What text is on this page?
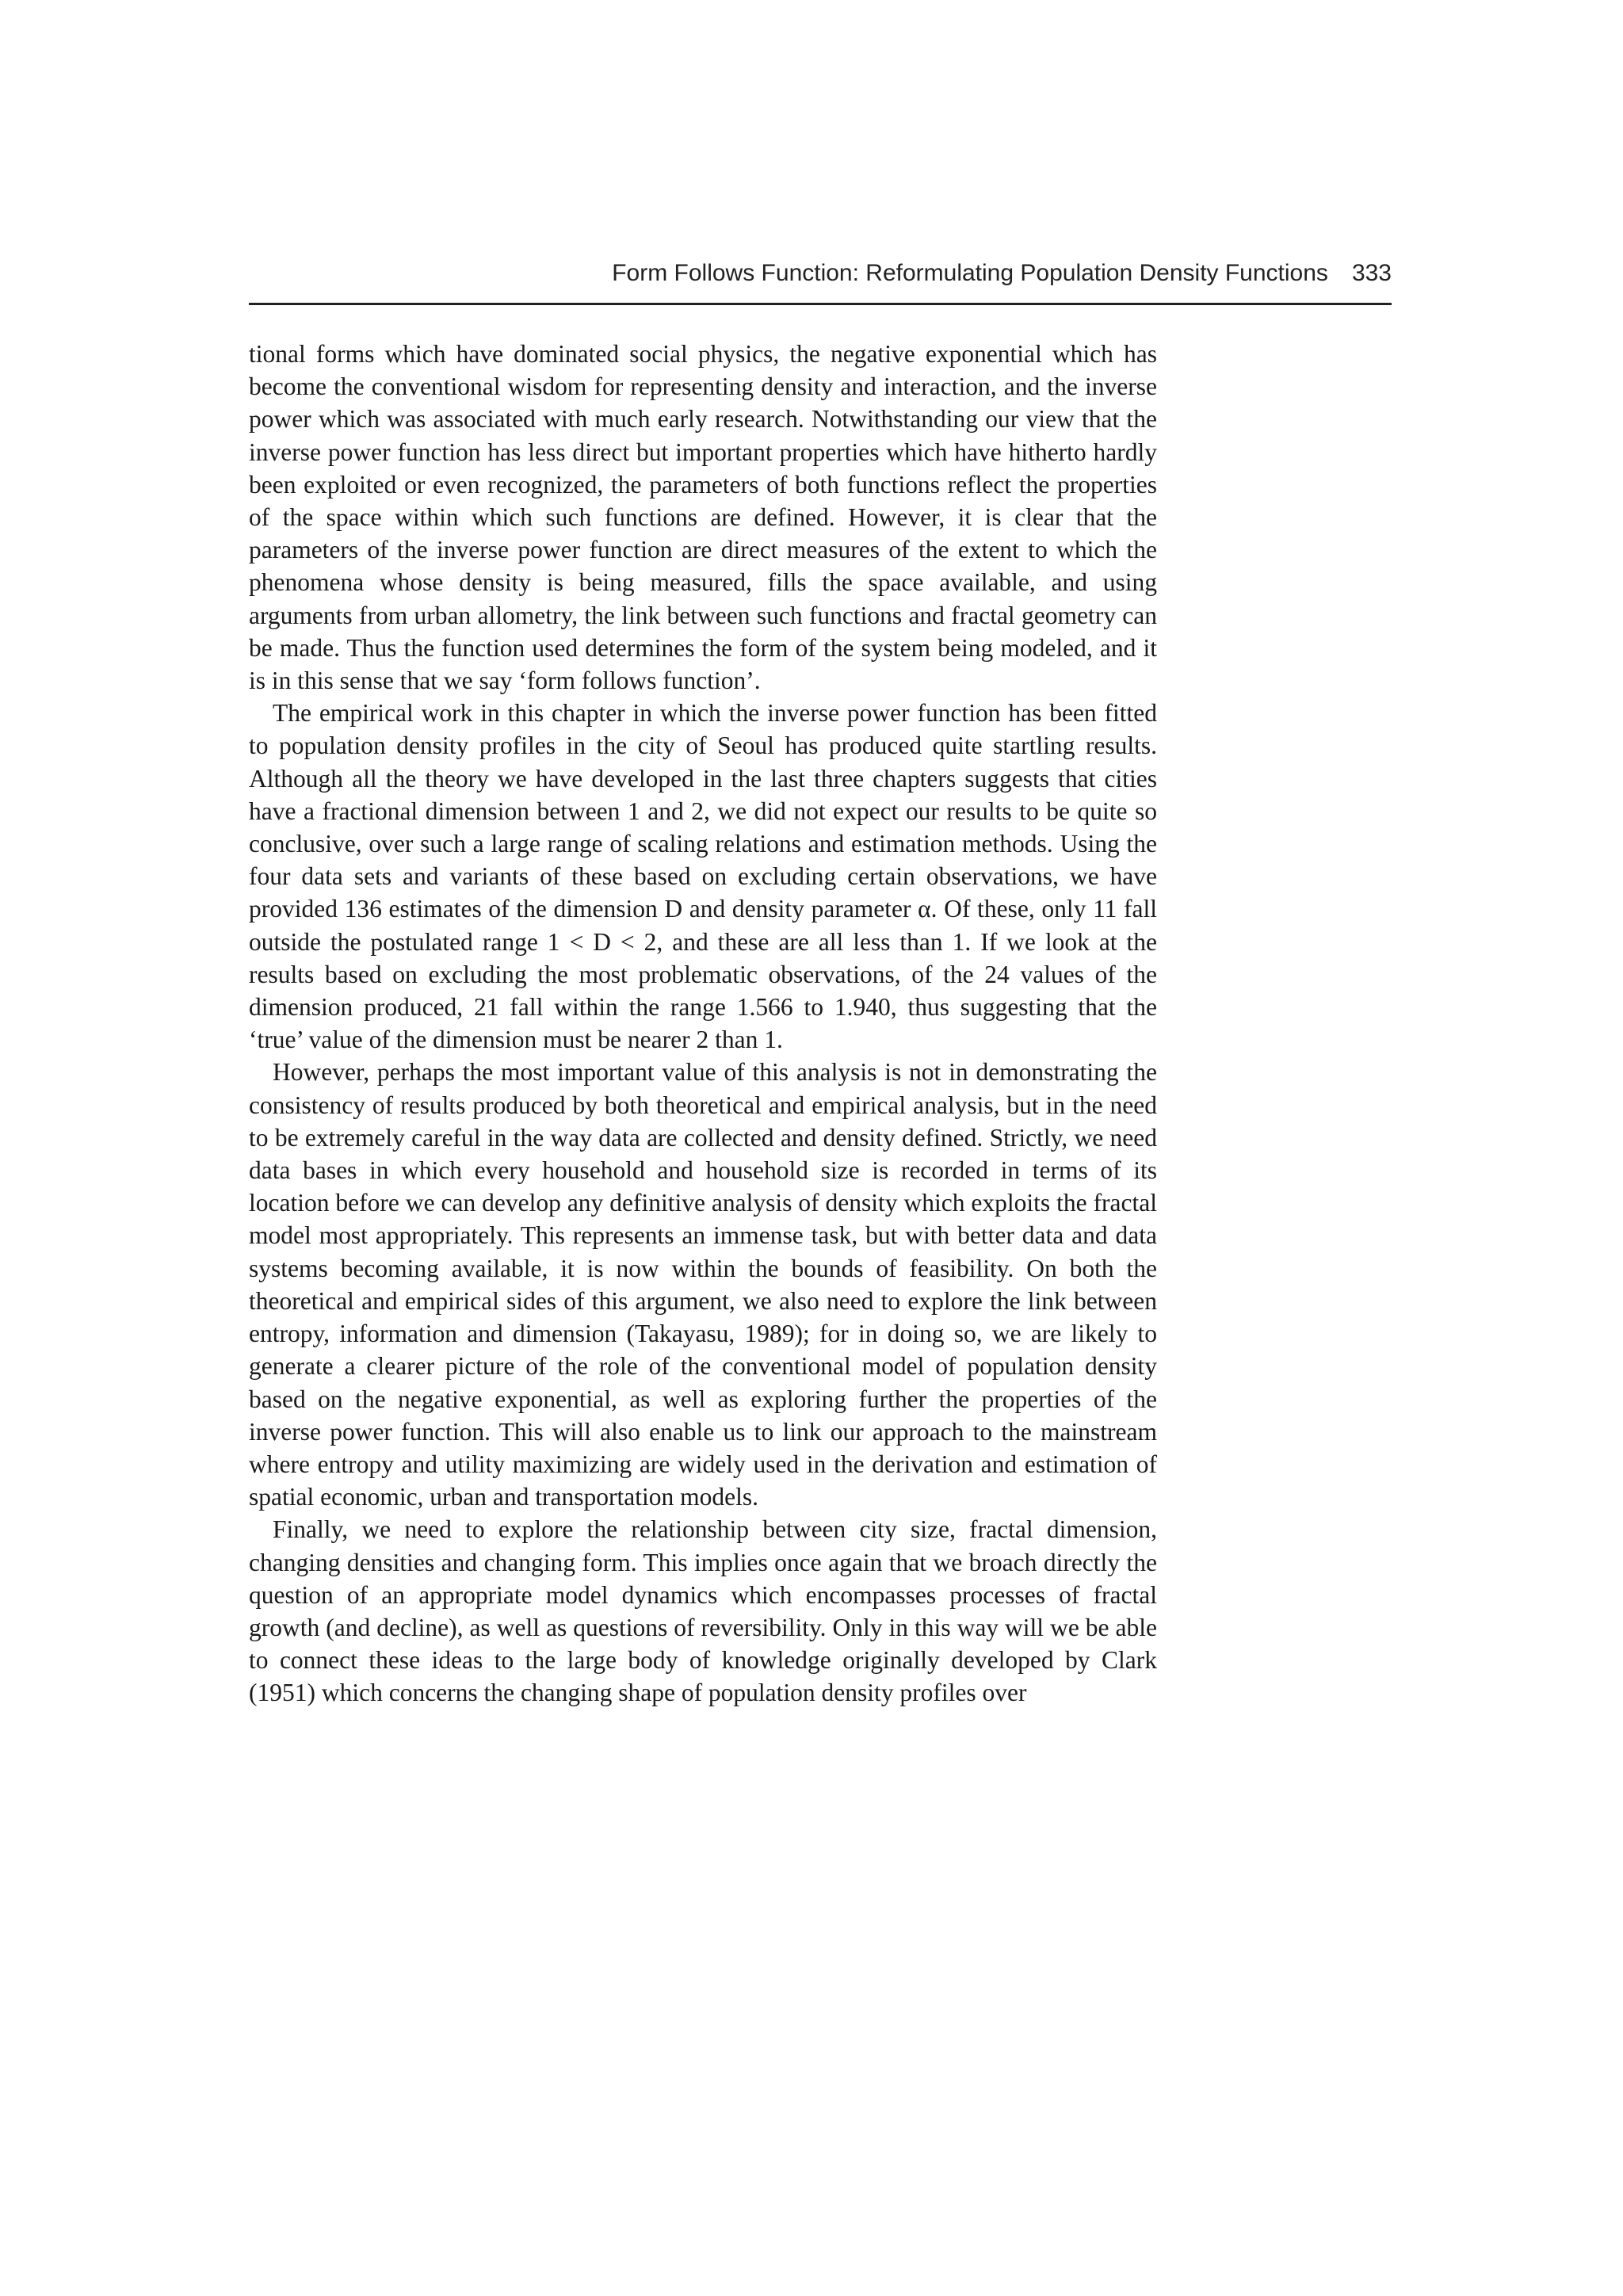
Form Follows Function: Reformulating Population Density Functions 333

tional forms which have dominated social physics, the negative exponential which has become the conventional wisdom for representing density and interaction, and the inverse power which was associated with much early research. Notwithstanding our view that the inverse power function has less direct but important properties which have hitherto hardly been exploited or even recognized, the parameters of both functions reflect the properties of the space within which such functions are defined. However, it is clear that the parameters of the inverse power function are direct measures of the extent to which the phenomena whose density is being measured, fills the space available, and using arguments from urban allometry, the link between such functions and fractal geometry can be made. Thus the function used determines the form of the system being modeled, and it is in this sense that we say ‘form follows function’.

The empirical work in this chapter in which the inverse power function has been fitted to population density profiles in the city of Seoul has produced quite startling results. Although all the theory we have developed in the last three chapters suggests that cities have a fractional dimension between 1 and 2, we did not expect our results to be quite so conclusive, over such a large range of scaling relations and estimation methods. Using the four data sets and variants of these based on excluding certain observations, we have provided 136 estimates of the dimension D and density parameter α. Of these, only 11 fall outside the postulated range 1 < D < 2, and these are all less than 1. If we look at the results based on excluding the most problematic observations, of the 24 values of the dimension produced, 21 fall within the range 1.566 to 1.940, thus suggesting that the ‘true’ value of the dimension must be nearer 2 than 1.

However, perhaps the most important value of this analysis is not in demonstrating the consistency of results produced by both theoretical and empirical analysis, but in the need to be extremely careful in the way data are collected and density defined. Strictly, we need data bases in which every household and household size is recorded in terms of its location before we can develop any definitive analysis of density which exploits the fractal model most appropriately. This represents an immense task, but with better data and data systems becoming available, it is now within the bounds of feasibility. On both the theoretical and empirical sides of this argument, we also need to explore the link between entropy, information and dimension (Takayasu, 1989); for in doing so, we are likely to generate a clearer picture of the role of the conventional model of population density based on the negative exponential, as well as exploring further the properties of the inverse power function. This will also enable us to link our approach to the mainstream where entropy and utility maximizing are widely used in the derivation and estimation of spatial economic, urban and transportation models.

Finally, we need to explore the relationship between city size, fractal dimension, changing densities and changing form. This implies once again that we broach directly the question of an appropriate model dynamics which encompasses processes of fractal growth (and decline), as well as questions of reversibility. Only in this way will we be able to connect these ideas to the large body of knowledge originally developed by Clark (1951) which concerns the changing shape of population density profiles over
